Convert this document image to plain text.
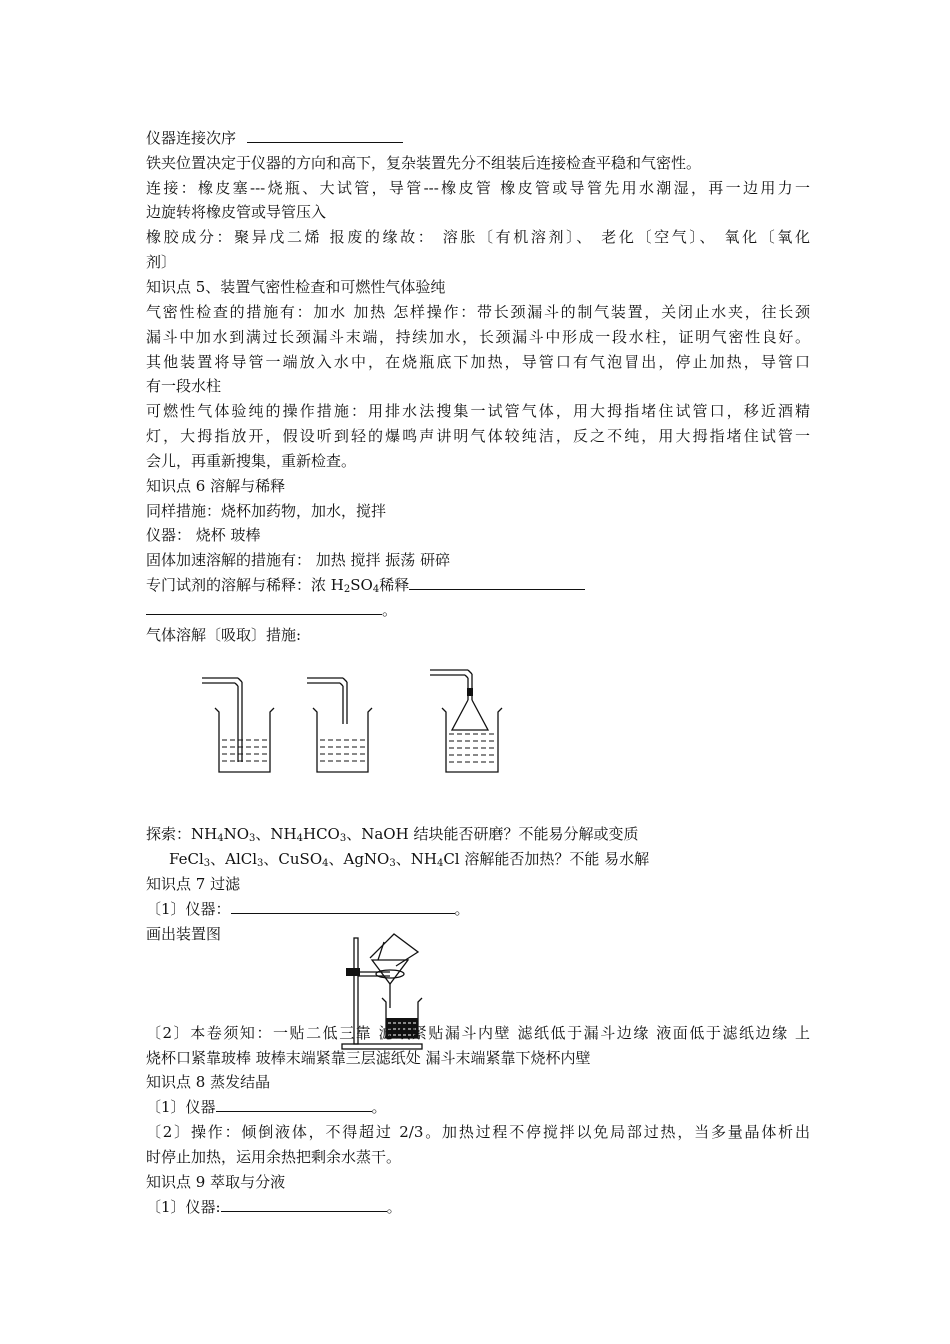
仪器连接次序
铁夹位置决定于仪器的方向和高下，复杂装置先分不组装后连接检查平稳和气密性。
连接：橡皮塞---烧瓶、大试管，导管---橡皮管 橡皮管或导管先用水潮湿，再一边用力一
边旋转将橡皮管或导管压入
橡胶成分：聚异戊二烯 报废的缘故： 溶胀〔有机溶剂〕、 老化〔空气〕、 氧化〔氧化
剂〕
知识点 5、装置气密性检查和可燃性气体验纯
气密性检查的措施有：加水 加热 怎样操作：带长颈漏斗的制气装置，关闭止水夹，往长颈
漏斗中加水到满过长颈漏斗末端，持续加水，长颈漏斗中形成一段水柱，证明气密性良好。
其他装置将导管一端放入水中，在烧瓶底下加热，导管口有气泡冒出，停止加热，导管口
有一段水柱
可燃性气体验纯的操作措施：用排水法搜集一试管气体，用大拇指堵住试管口，移近酒精
灯，大拇指放开，假设听到轻的爆鸣声讲明气体较纯洁，反之不纯，用大拇指堵住试管一
会儿，再重新搜集，重新检查。
知识点 6 溶解与稀释
同样措施：烧杯加药物，加水，搅拌
仪器： 烧杯 玻棒
固体加速溶解的措施有： 加热 搅拌 振荡 研碎
专门试剂的溶解与稀释：浓 $H_2SO_4$稀释
。
气体溶解〔吸取〕措施:
探索：$NH_4NO_3$、$NH_4HCO_3$、NaOH 结块能否研磨？不能易分解或变质
FeCl$_3$、AlCl$_3$、CuSO$_4$、AgNO$_3$、$NH_4Cl$ 溶解能否加热？不能 易水解
知识点 7 过滤
〔1〕仪器：	。
画出装置图
〔2〕本卷须知：一贴二低三靠 滤纸紧贴漏斗内壁 滤纸低于漏斗边缘 液面低于滤纸边缘 上
烧杯口紧靠玻棒 玻棒末端紧靠三层滤纸处 漏斗末端紧靠下烧杯内壁
知识点 8 蒸发结晶
〔1〕仪器	。
〔2〕操作：倾倒液体，不得超过 2/3。加热过程不停搅拌以免局部过热，当多量晶体析出
时停止加热，运用余热把剩余水蒸干。
知识点 9 萃取与分液
〔1〕仪器:	。
